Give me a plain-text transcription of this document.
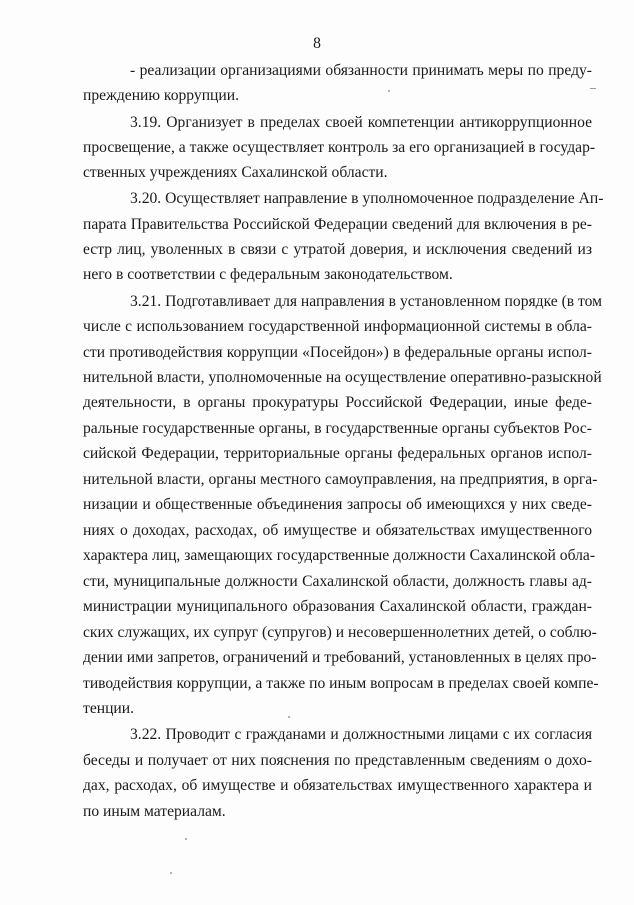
8
- реализации организациями обязанности принимать меры по преду-
преждению коррупции.
3.19. Организует в пределах своей компетенции антикоррупционное
просвещение, а также осуществляет контроль за его организацией в государ-
ственных учреждениях Сахалинской области.
3.20. Осуществляет направление в уполномоченное подразделение Ап-
парата Правительства Российской Федерации сведений для включения в ре-
естр лиц, уволенных в связи с утратой доверия, и исключения сведений из
него в соответствии с федеральным законодательством.
3.21. Подготавливает для направления в установленном порядке (в том
числе с использованием государственной информационной системы в обла-
сти противодействия коррупции «Посейдон») в федеральные органы испол-
нительной власти, уполномоченные на осуществление оперативно-разыскной
деятельности, в органы прокуратуры Российской Федерации, иные феде-
ральные государственные органы, в государственные органы субъектов Рос-
сийской Федерации, территориальные органы федеральных органов испол-
нительной власти, органы местного самоуправления, на предприятия, в орга-
низации и общественные объединения запросы об имеющихся у них сведе-
ниях о доходах, расходах, об имуществе и обязательствах имущественного
характера лиц, замещающих государственные должности Сахалинской обла-
сти, муниципальные должности Сахалинской области, должность главы ад-
министрации муниципального образования Сахалинской области, граждан-
ских служащих, их супруг (супругов) и несовершеннолетних детей, о соблю-
дении ими запретов, ограничений и требований, установленных в целях про-
тиводействия коррупции, а также по иным вопросам в пределах своей компе-
тенции.
3.22. Проводит с гражданами и должностными лицами с их согласия
беседы и получает от них пояснения по представленным сведениям о дохо-
дах, расходах, об имуществе и обязательствах имущественного характера и
по иным материалам.
